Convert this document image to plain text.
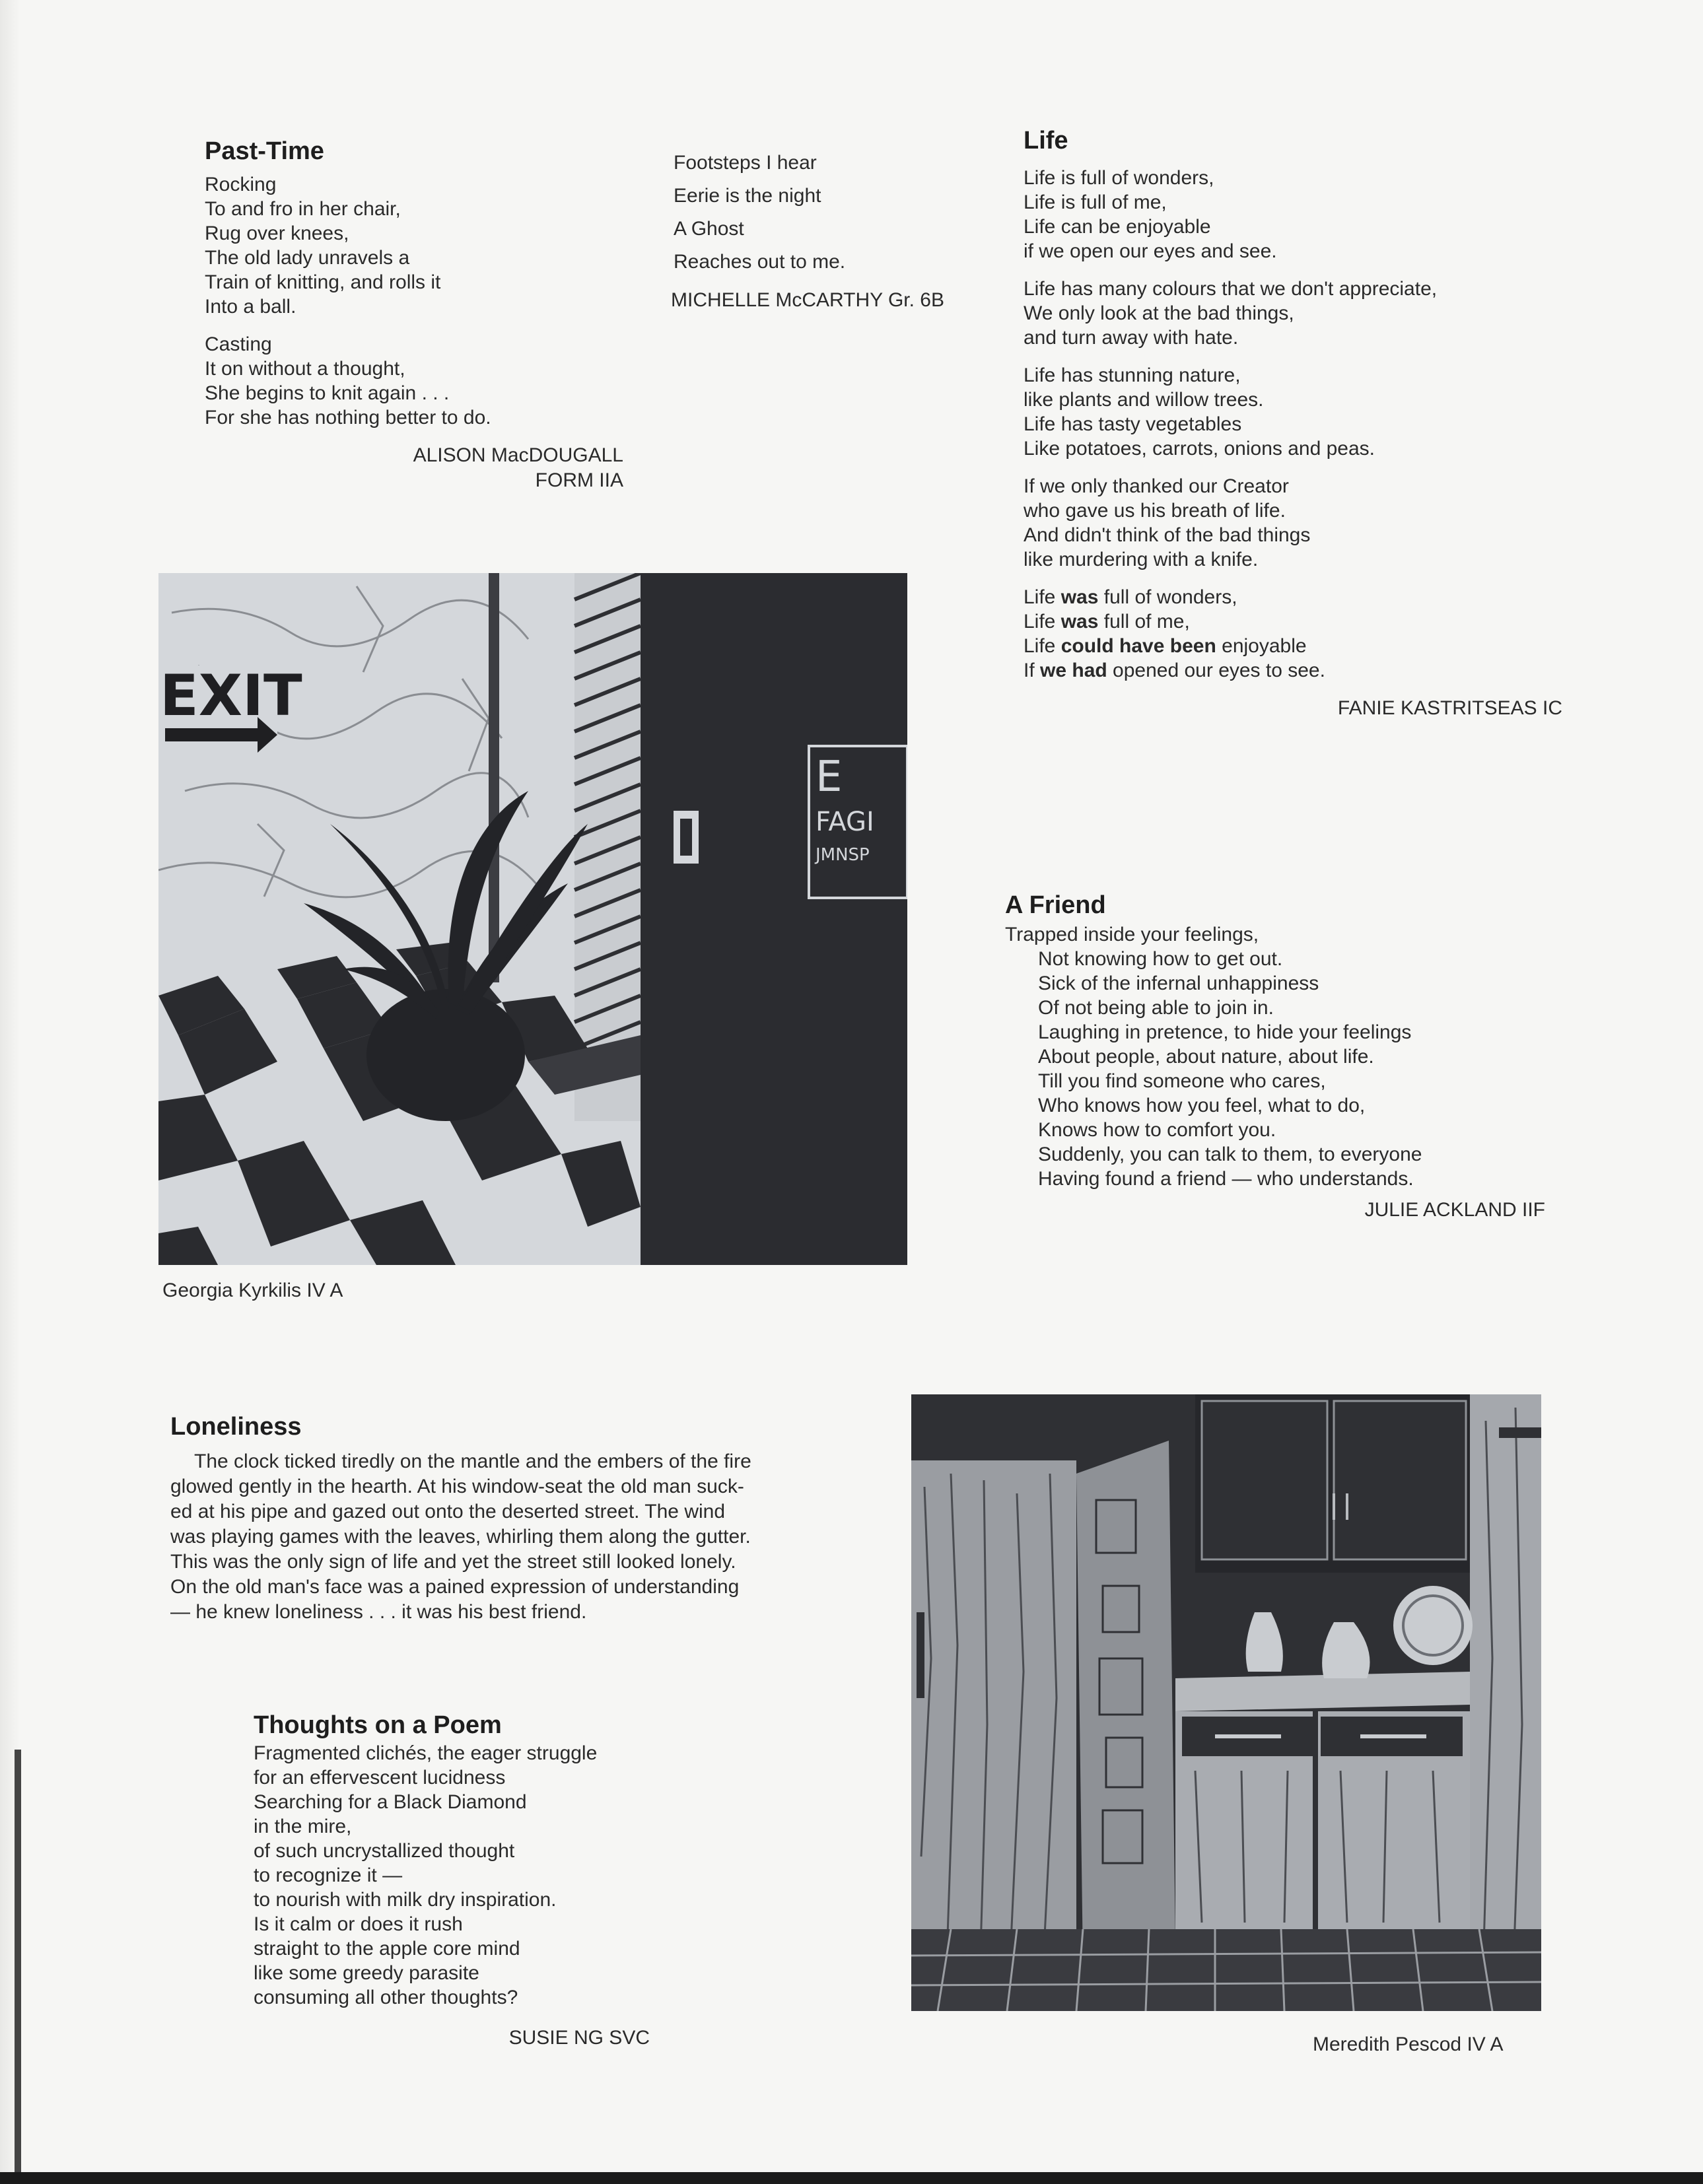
Past-Time
Rocking
To and fro in her chair,
Rug over knees,
The old lady unravels a
Train of knitting, and rolls it
Into a ball.
Casting
It on without a thought,
She begins to knit again . . .
For she has nothing better to do.
ALISON MacDOUGALL
FORM IIA
Footsteps I hear
Eerie is the night
A Ghost
Reaches out to me.
MICHELLE McCARTHY Gr. 6B
Life
Life is full of wonders,
Life is full of me,
Life can be enjoyable
if we open our eyes and see.
Life has many colours that we don't appreciate,
We only look at the bad things,
and turn away with hate.
Life has stunning nature,
like plants and willow trees.
Life has tasty vegetables
Like potatoes, carrots, onions and peas.
If we only thanked our Creator
who gave us his breath of life.
And didn't think of the bad things
like murdering with a knife.
Life was full of wonders,
Life was full of me,
Life could have been enjoyable
If we had opened our eyes to see.
FANIE KASTRITSEAS IC
EXIT
E
FAGI
JMNSP
Georgia Kyrkilis IV A
A Friend
Trapped inside your feelings,
Not knowing how to get out.
Sick of the infernal unhappiness
Of not being able to join in.
Laughing in pretence, to hide your feelings
About people, about nature, about life.
Till you find someone who cares,
Who knows how you feel, what to do,
Knows how to comfort you.
Suddenly, you can talk to them, to everyone
Having found a friend — who understands.
JULIE ACKLAND IIF
Loneliness
The clock ticked tiredly on the mantle and the embers of the fire
glowed gently in the hearth. At his window-seat the old man suck-
ed at his pipe and gazed out onto the deserted street. The wind
was playing games with the leaves, whirling them along the gutter.
This was the only sign of life and yet the street still looked lonely.
On the old man's face was a pained expression of understanding
— he knew loneliness . . . it was his best friend.
Thoughts on a Poem
Fragmented clichés, the eager struggle
for an effervescent lucidness
Searching for a Black Diamond
in the mire,
of such uncrystallized thought
to recognize it —
to nourish with milk dry inspiration.
Is it calm or does it rush
straight to the apple core mind
like some greedy parasite
consuming all other thoughts?
SUSIE NG SVC	Meredith Pescod IV A
